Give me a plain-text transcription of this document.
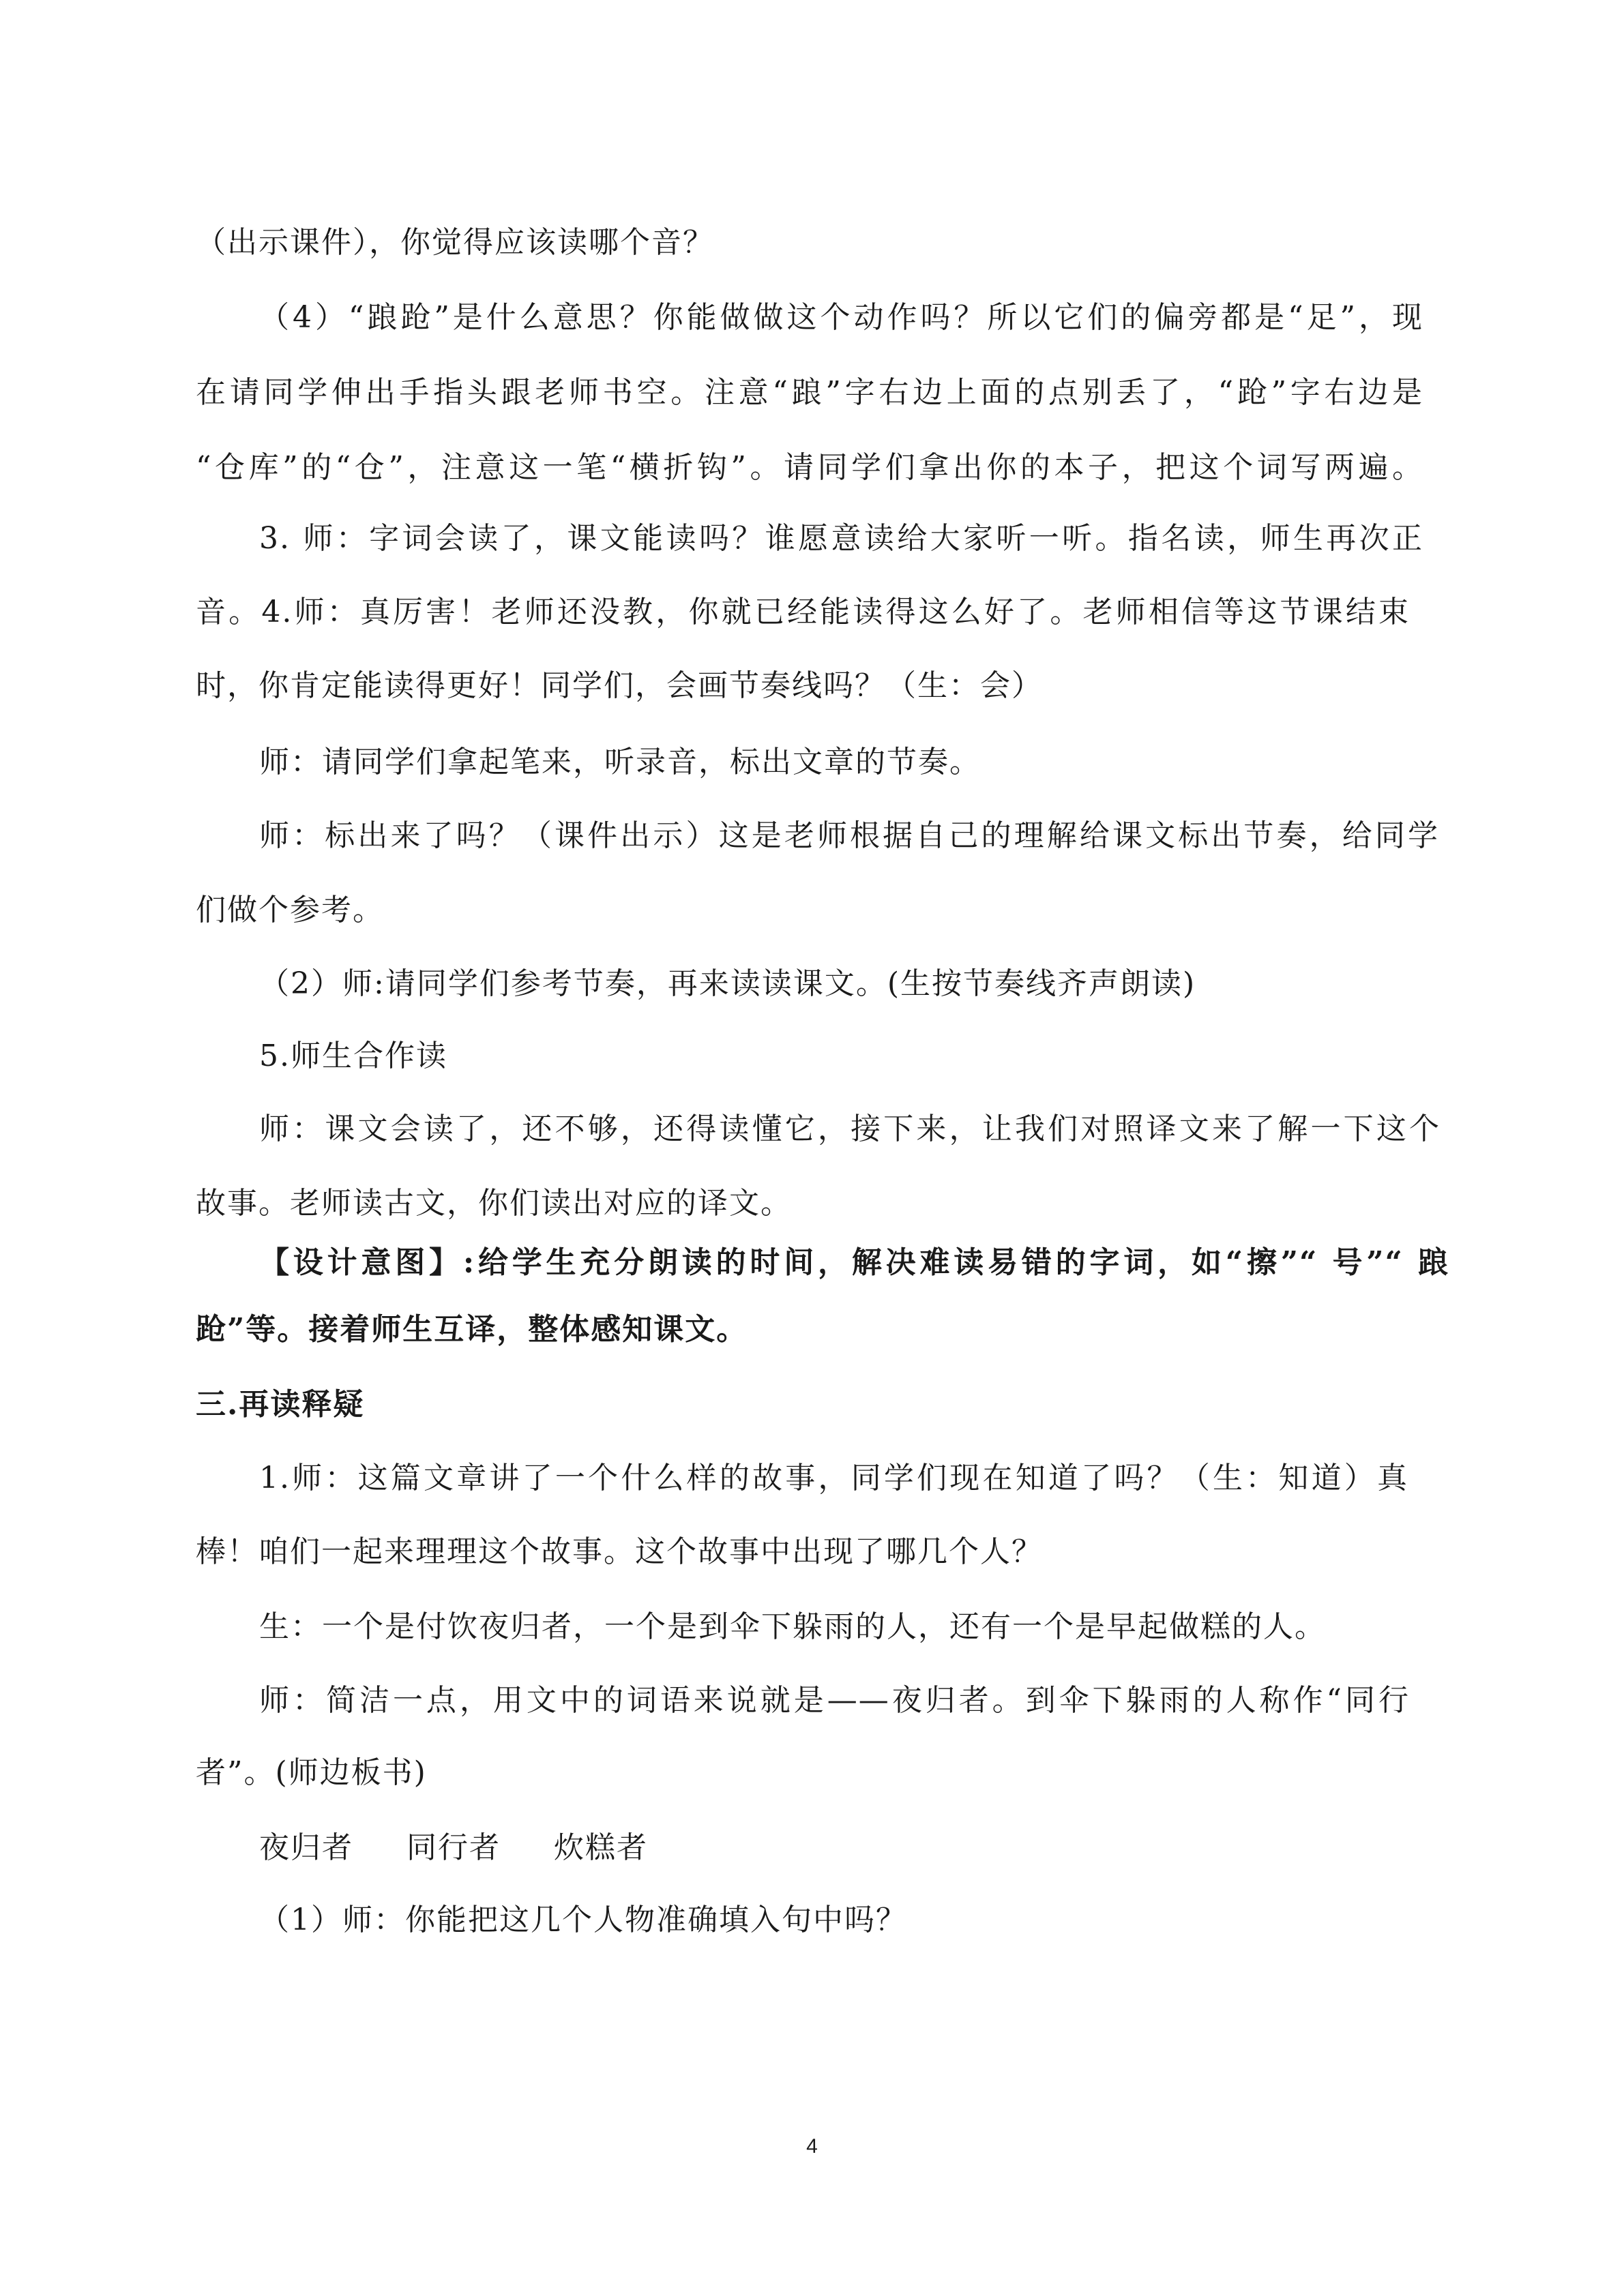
（出示课件），你觉得应该读哪个音？
（4）“踉跄”是什么意思？你能做做这个动作吗？所以它们的偏旁都是“足”，现
在请同学伸出手指头跟老师书空。注意“踉”字右边上面的点别丢了，“跄”字右边是
“仓库”的“仓”，注意这一笔“横折钩”。请同学们拿出你的本子，把这个词写两遍。
3. 师：字词会读了，课文能读吗？谁愿意读给大家听一听。指名读，师生再次正
音。4.师：真厉害！老师还没教，你就已经能读得这么好了。老师相信等这节课结束
时，你肯定能读得更好！同学们，会画节奏线吗？（生：会）
师：请同学们拿起笔来，听录音，标出文章的节奏。
师：标出来了吗？（课件出示）这是老师根据自己的理解给课文标出节奏，给同学
们做个参考。
（2）师:请同学们参考节奏，再来读读课文。(生按节奏线齐声朗读)
5.师生合作读
师：课文会读了，还不够，还得读懂它，接下来，让我们对照译文来了解一下这个
故事。老师读古文，你们读出对应的译文。
【设计意图】:给学生充分朗读的时间，解决难读易错的字词，如“擦”“ 号”“ 踉
跄”等。接着师生互译，整体感知课文。
三.再读释疑
1.师：这篇文章讲了一个什么样的故事，同学们现在知道了吗？（生：知道）真
棒！咱们一起来理理这个故事。这个故事中出现了哪几个人？
生：一个是付饮夜归者，一个是到伞下躲雨的人，还有一个是早起做糕的人。
师：简洁一点，用文中的词语来说就是——夜归者。到伞下躲雨的人称作“同行
者”。(师边板书)
夜归者 同行者 炊糕者
（1）师：你能把这几个人物准确填入句中吗？
4
